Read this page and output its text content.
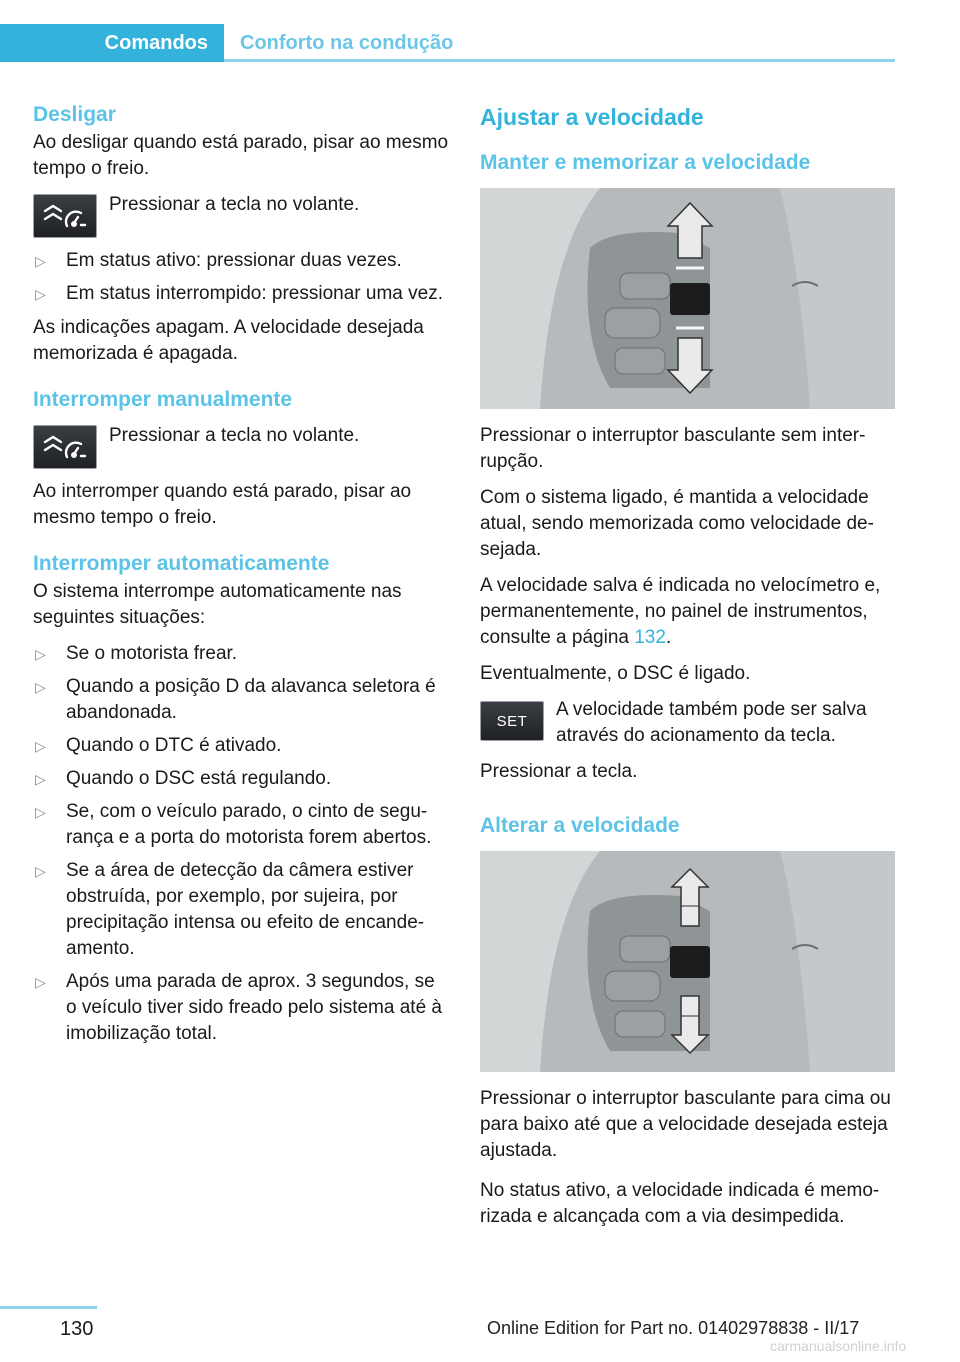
Comandos	Conforto na condução
Desligar

Ao desligar quando está parado, pisar ao mesmo tempo o freio.

Pressionar a tecla no volante.

▷ Em status ativo: pressionar duas vezes.
▷ Em status interrompido: pressionar uma vez.

As indicações apagam. A velocidade desejada memorizada é apagada.

Interromper manualmente

Pressionar a tecla no volante.

Ao interromper quando está parado, pisar ao mesmo tempo o freio.

Interromper automaticamente

O sistema interrompe automaticamente nas seguintes situações:

▷ Se o motorista frear.
▷ Quando a posição D da alavanca seletora é abandonada.
▷ Quando o DTC é ativado.
▷ Quando o DSC está regulando.
▷ Se, com o veículo parado, o cinto de segurança e a porta do motorista forem abertos.
▷ Se a área de detecção da câmera estiver obstruída, por exemplo, por sujeira, por precipitação intensa ou efeito de encandeamento.
▷ Após uma parada de aprox. 3 segundos, se o veículo tiver sido freado pelo sistema até à imobilização total.
Ajustar a velocidade
Manter e memorizar a velocidade

Pressionar o interruptor basculante sem interrupção.

Com o sistema ligado, é mantida a velocidade atual, sendo memorizada como velocidade desejada.

A velocidade salva é indicada no velocímetro e, permanentemente, no painel de instrumentos, consulte a página 132.

Eventualmente, o DSC é ligado.

SET

A velocidade também pode ser salva através do acionamento da tecla.

Pressionar a tecla.

Alterar a velocidade

Pressionar o interruptor basculante para cima ou para baixo até que a velocidade desejada esteja ajustada.

No status ativo, a velocidade indicada é memorizada e alcançada com a via desimpedida.

130	Online Edition for Part no. 01402978838 - II/17
carmanualsonline.info
